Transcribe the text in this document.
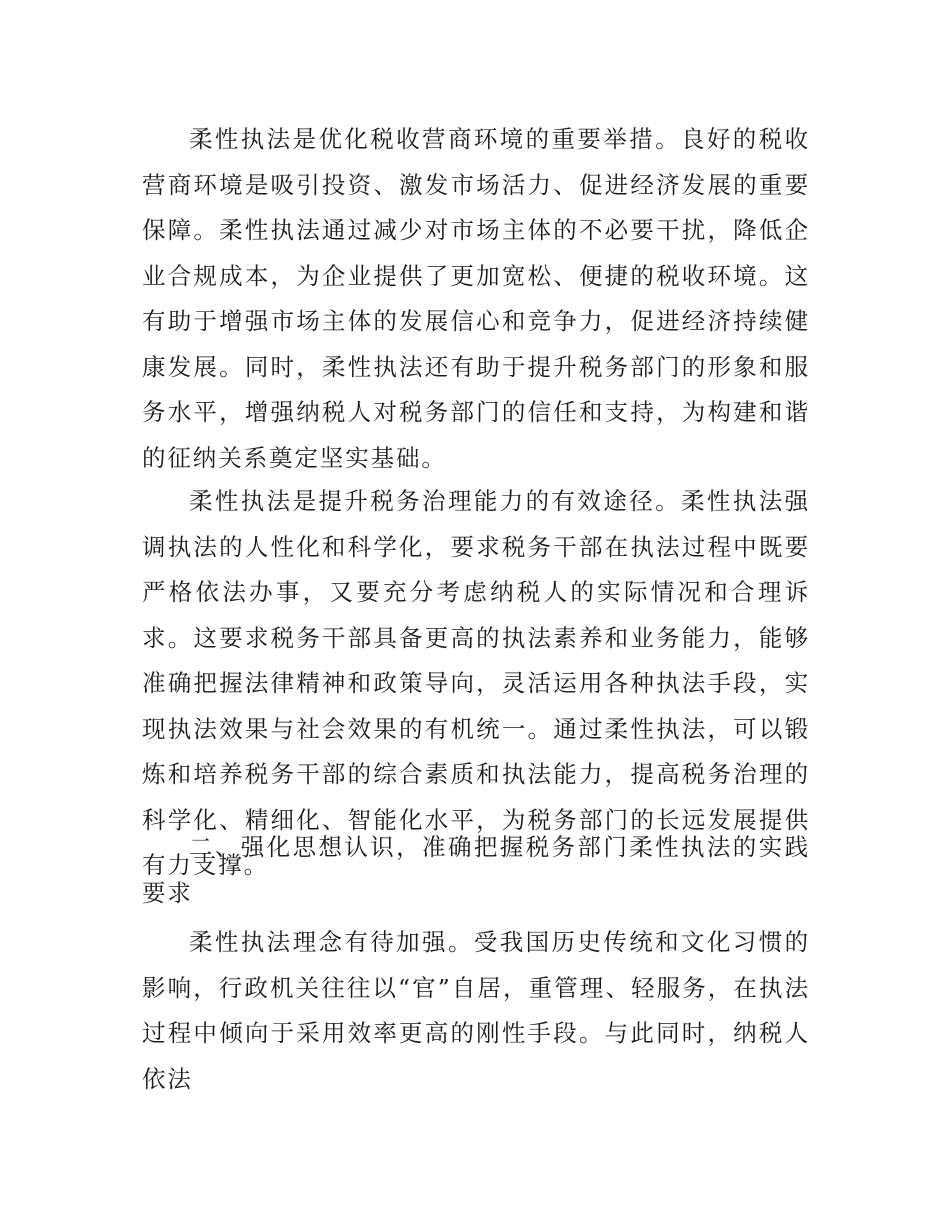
柔性执法是优化税收营商环境的重要举措。良好的税收营商环境是吸引投资、激发市场活力、促进经济发展的重要保障。柔性执法通过减少对市场主体的不必要干扰，降低企业合规成本，为企业提供了更加宽松、便捷的税收环境。这有助于增强市场主体的发展信心和竞争力，促进经济持续健康发展。同时，柔性执法还有助于提升税务部门的形象和服务水平，增强纳税人对税务部门的信任和支持，为构建和谐的征纳关系奠定坚实基础。

柔性执法是提升税务治理能力的有效途径。柔性执法强调执法的人性化和科学化，要求税务干部在执法过程中既要严格依法办事，又要充分考虑纳税人的实际情况和合理诉求。这要求税务干部具备更高的执法素养和业务能力，能够准确把握法律精神和政策导向，灵活运用各种执法手段，实现执法效果与社会效果的有机统一。通过柔性执法，可以锻炼和培养税务干部的综合素质和执法能力，提高税务治理的科学化、精细化、智能化水平，为税务部门的长远发展提供有力支撑。

二、强化思想认识，准确把握税务部门柔性执法的实践要求

柔性执法理念有待加强。受我国历史传统和文化习惯的影响，行政机关往往以“官”自居，重管理、轻服务，在执法过程中倾向于采用效率更高的刚性手段。与此同时，纳税人依法
